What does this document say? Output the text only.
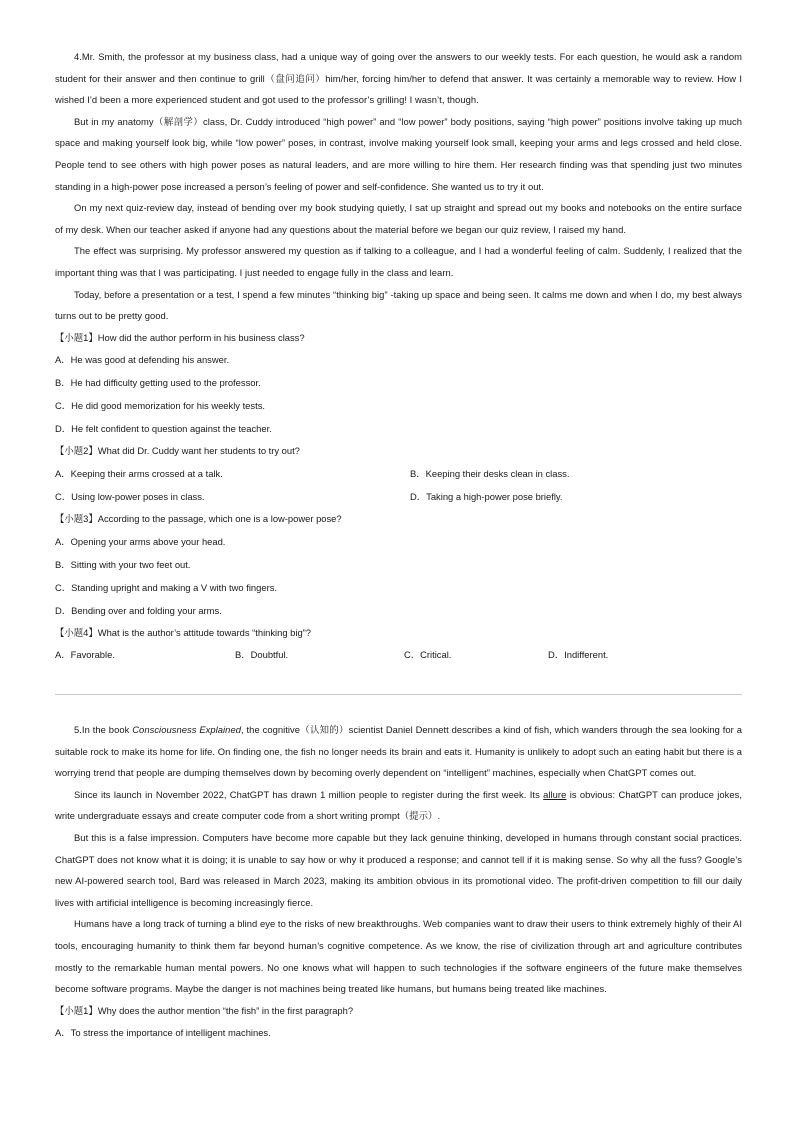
4.Mr. Smith, the professor at my business class, had a unique way of going over the answers to our weekly tests. For each question, he would ask a random student for their answer and then continue to grill（盘问追问）him/her, forcing him/her to defend that answer. It was certainly a memorable way to review. How I wished I’d been a more experienced student and got used to the professor’s grilling! I wasn’t, though.

But in my anatomy（解剖学）class, Dr. Cuddy introduced “high power” and “low power” body positions, saying “high power” positions involve taking up much space and making yourself look big, while “low power” poses, in contrast, involve making yourself look small, keeping your arms and legs crossed and held close. People tend to see others with high power poses as natural leaders, and are more willing to hire them. Her research finding was that spending just two minutes standing in a high-power pose increased a person’s feeling of power and self-confidence. She wanted us to try it out.

On my next quiz-review day, instead of bending over my book studying quietly, I sat up straight and spread out my books and notebooks on the entire surface of my desk. When our teacher asked if anyone had any questions about the material before we began our quiz review, I raised my hand.

The effect was surprising. My professor answered my question as if talking to a colleague, and I had a wonderful feeling of calm. Suddenly, I realized that the important thing was that I was participating. I just needed to engage fully in the class and learn.

Today, before a presentation or a test, I spend a few minutes “thinking big” -taking up space and being seen. It calms me down and when I do, my best always turns out to be pretty good.

【小题1】How did the author perform in his business class?

A．He was good at defending his answer.

B．He had difficulty getting used to the professor.

C．He did good memorization for his weekly tests.

D．He felt confident to question against the teacher.

【小题2】What did Dr. Cuddy want her students to try out?

A．Keeping their arms crossed at a talk.	B．Keeping their desks clean in class.
C．Using low-power poses in class.	D．Taking a high-power pose briefly.

【小题3】According to the passage, which one is a low-power pose?

A．Opening your arms above your head.

B．Sitting with your two feet out.

C．Standing upright and making a V with two fingers.

D．Bending over and folding your arms.

【小题4】What is the author’s attitude towards “thinking big”?

A．Favorable.	B．Doubtful.	C．Critical.	D．Indifferent.

5.In the book Consciousness Explained, the cognitive（认知的）scientist Daniel Dennett describes a kind of fish, which wanders through the sea looking for a suitable rock to make its home for life. On finding one, the fish no longer needs its brain and eats it. Humanity is unlikely to adopt such an eating habit but there is a worrying trend that people are dumping themselves down by becoming overly dependent on “intelligent” machines, especially when ChatGPT comes out.

Since its launch in November 2022, ChatGPT has drawn 1 million people to register during the first week. Its allure is obvious: ChatGPT can produce jokes, write undergraduate essays and create computer code from a short writing prompt（提示）.

But this is a false impression. Computers have become more capable but they lack genuine thinking, developed in humans through constant social practices. ChatGPT does not know what it is doing; it is unable to say how or why it produced a response; and cannot tell if it is making sense. So why all the fuss? Google’s new AI-powered search tool, Bard was released in March 2023, making its ambition obvious in its promotional video. The profit-driven competition to fill our daily lives with artificial intelligence is becoming increasingly fierce.

Humans have a long track of turning a blind eye to the risks of new breakthroughs. Web companies want to draw their users to think extremely highly of their AI tools, encouraging humanity to think them far beyond human’s cognitive competence. As we know, the rise of civilization through art and agriculture contributes mostly to the remarkable human mental powers. No one knows what will happen to such technologies if the software engineers of the future make themselves become software programs. Maybe the danger is not machines being treated like humans, but humans being treated like machines.

【小题1】Why does the author mention “the fish” in the first paragraph?

A．To stress the importance of intelligent machines.
